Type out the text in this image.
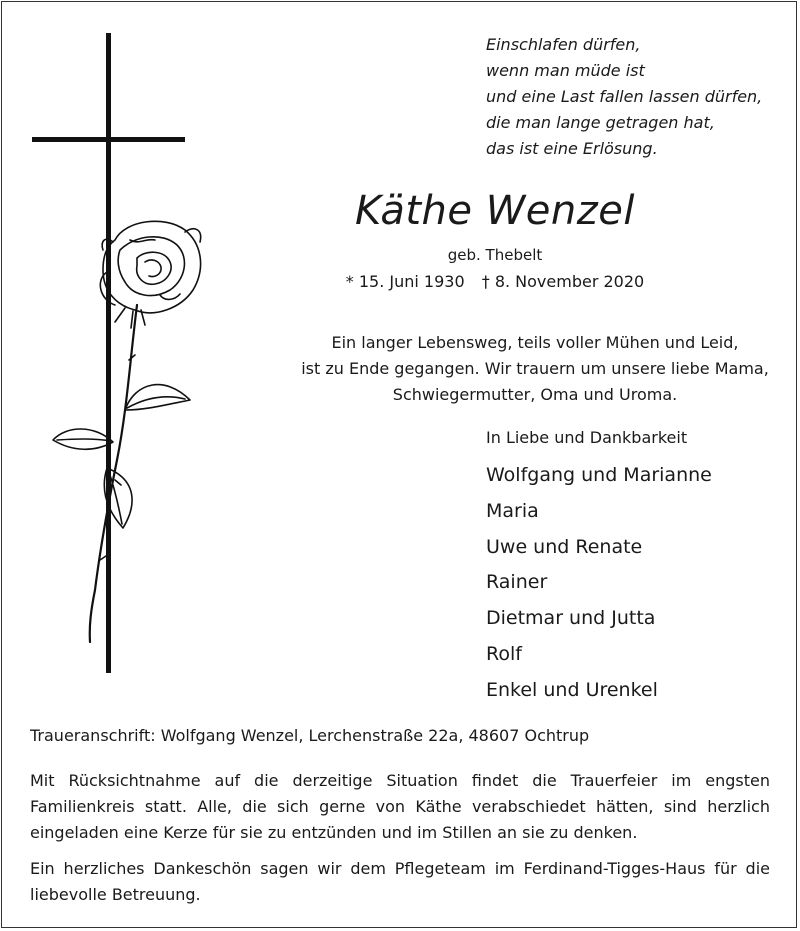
Einschlafen dürfen,
wenn man müde ist
und eine Last fallen lassen dürfen,
die man lange getragen hat,
das ist eine Erlösung.
Käthe Wenzel
geb. Thebelt
* 15. Juni 1930 † 8. November 2020
Ein langer Lebensweg, teils voller Mühen und Leid,
ist zu Ende gegangen. Wir trauern um unsere liebe Mama,
Schwiegermutter, Oma und Uroma.
In Liebe und Dankbarkeit
Wolfgang und Marianne
Maria
Uwe und Renate
Rainer
Dietmar und Jutta
Rolf
Enkel und Urenkel
Traueranschrift: Wolfgang Wenzel, Lerchenstraße 22a, 48607 Ochtrup
Mit Rücksichtnahme auf die derzeitige Situation findet die Trauerfeier im engsten Familienkreis statt. Alle, die sich gerne von Käthe verabschiedet hätten, sind herzlich eingeladen eine Kerze für sie zu entzünden und im Stillen an sie zu denken.
Ein herzliches Dankeschön sagen wir dem Pflegeteam im Ferdinand-Tigges-Haus für die liebevolle Betreuung.
